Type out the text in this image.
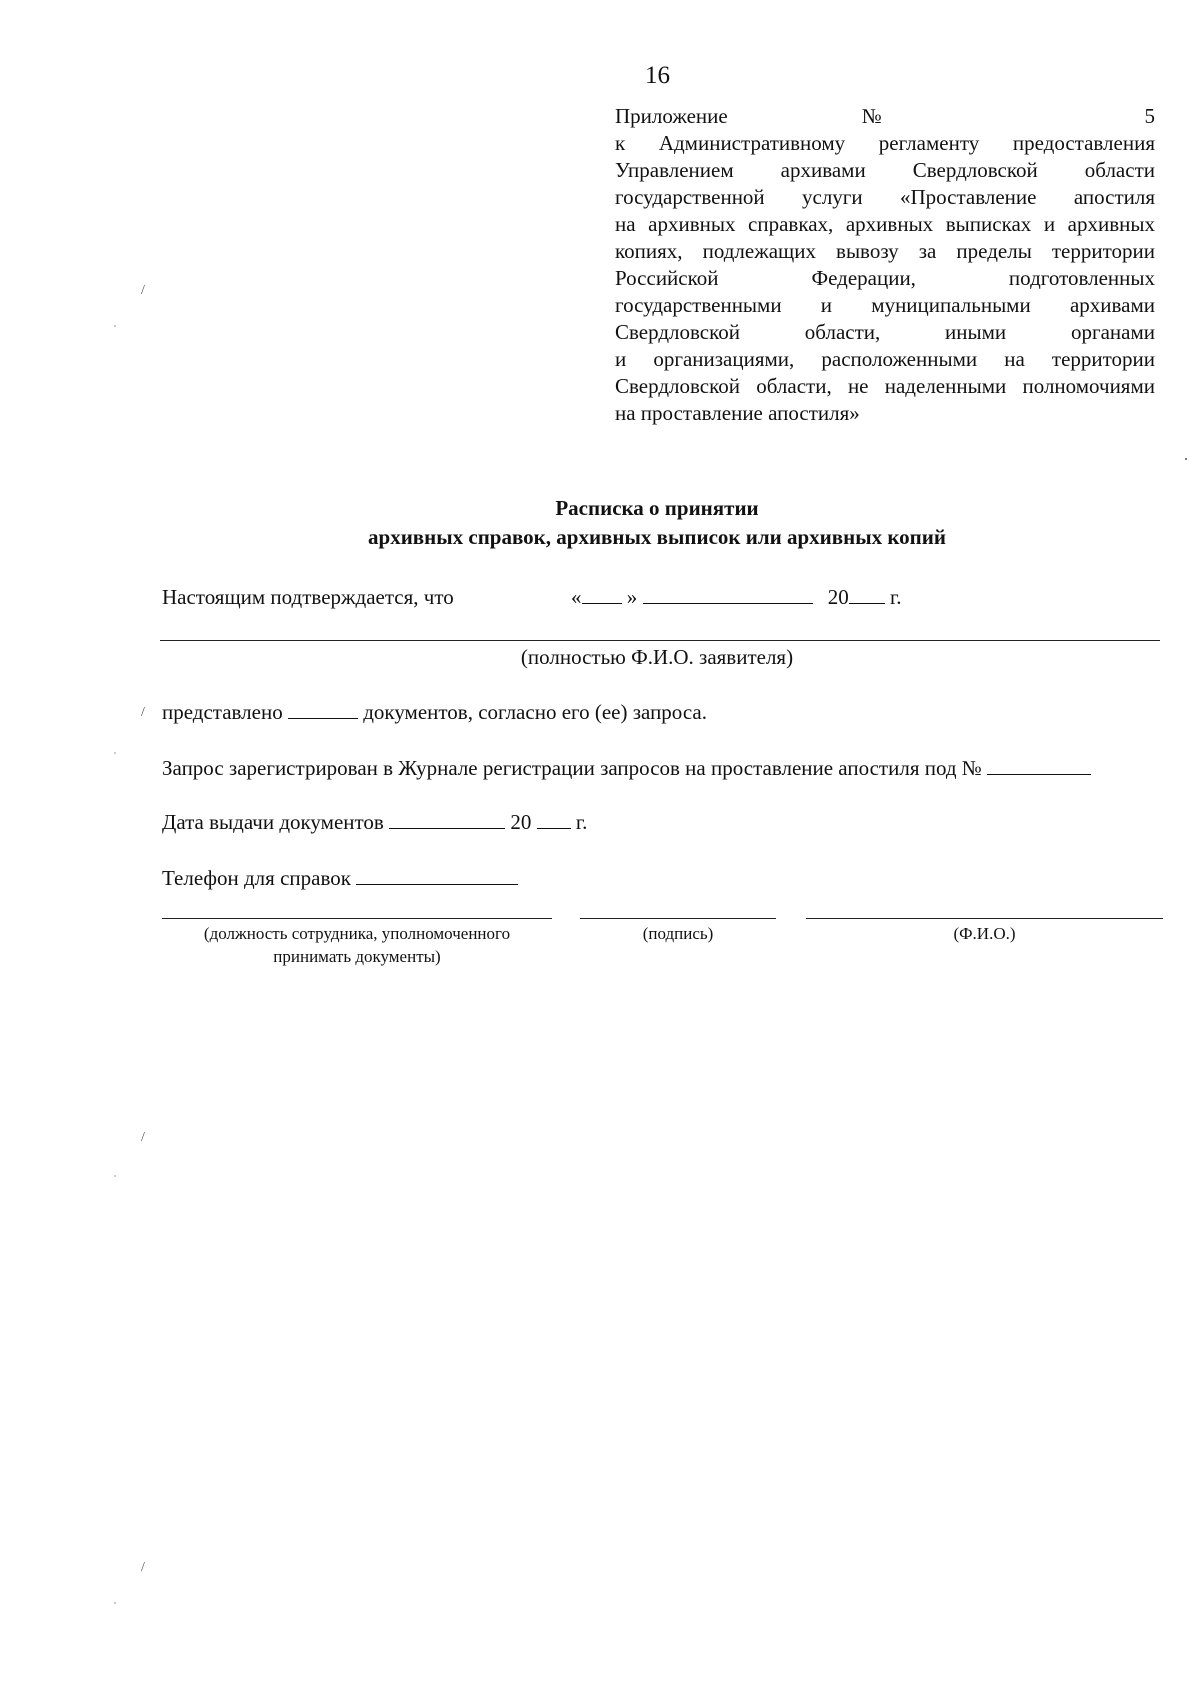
16
Приложение № 5
к Административному регламенту предоставления
Управлением архивами Свердловской области
государственной услуги «Проставление апостиля
на архивных справках, архивных выписках и архивных
копиях, подлежащих вывозу за пределы территории
Российской Федерации, подготовленных
государственными и муниципальными архивами
Свердловской области, иными органами
и организациями, расположенными на территории
Свердловской области, не наделенными полномочиями
на проставление апостиля»
Расписка о принятии
архивных справок, архивных выписок или архивных копий
Настоящим подтверждается, что	« »	20 г.
(полностью Ф.И.О. заявителя)
представлено	документов, согласно его (ее) запроса.
Запрос зарегистрирован в Журнале регистрации запросов на проставление апостиля под №
Дата выдачи документов	20 г.
Телефон для справок
(должность сотрудника, уполномоченного
принимать документы)
(подпись)	(Ф.И.О.)
/
/
/
/
